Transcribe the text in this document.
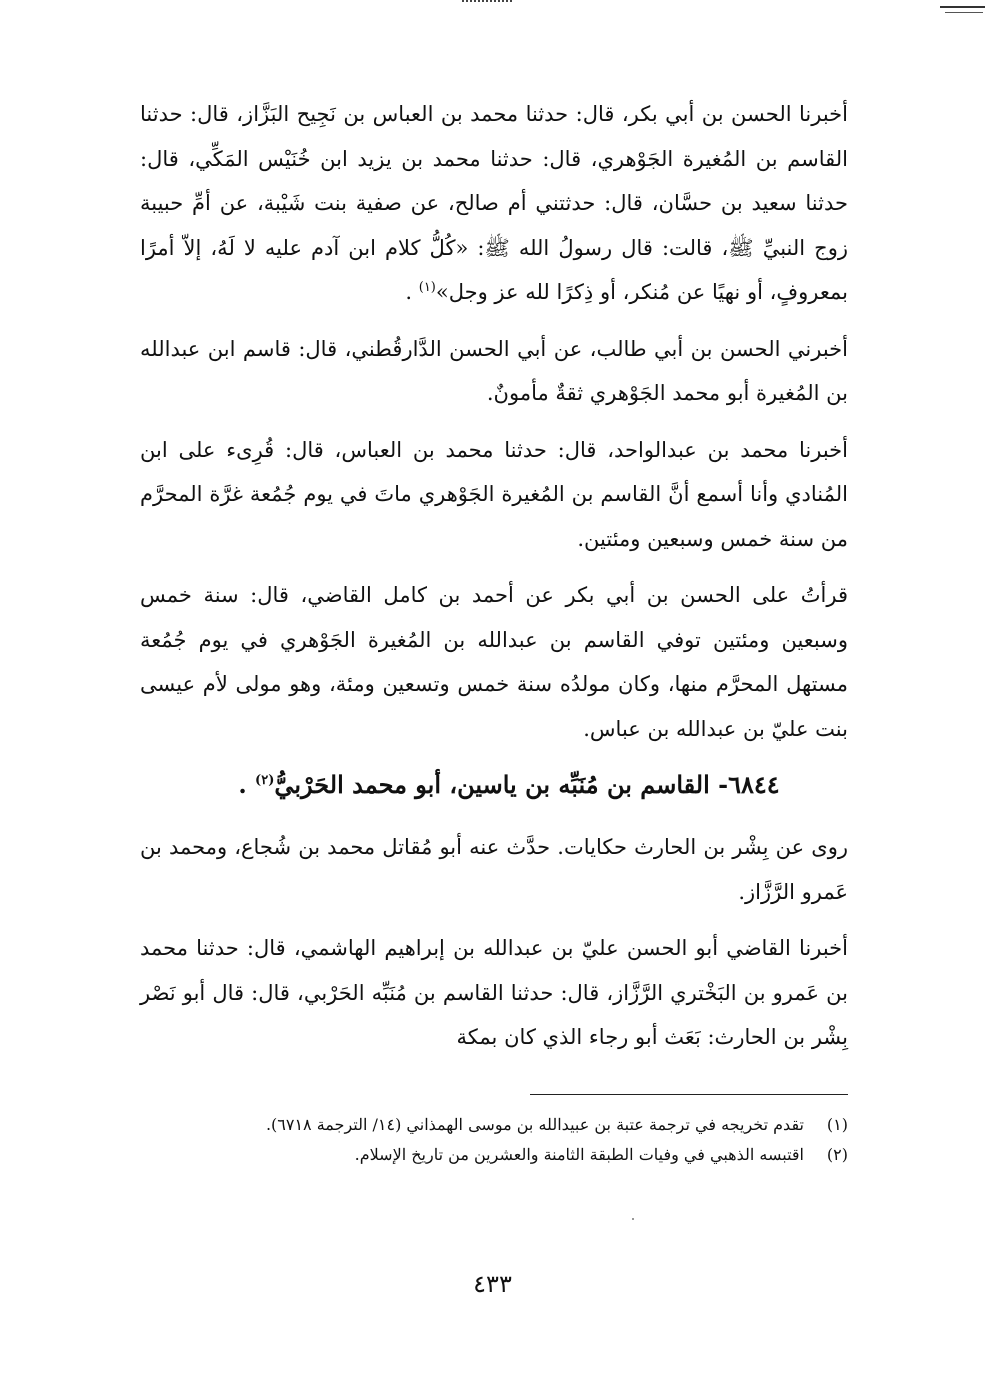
أخبرنا الحسن بن أبي بكر، قال: حدثنا محمد بن العباس بن نَجِيح البَزَّاز، قال: حدثنا القاسم بن المُغيرة الجَوْهري، قال: حدثنا محمد بن يزيد ابن خُنَيْس المَكِّي، قال: حدثنا سعيد بن حسَّان، قال: حدثتني أم صالح، عن صفية بنت شَيْبة، عن أمِّ حبيبة زوج النبيِّ ﷺ، قالت: قال رسولُ الله ﷺ: «كُلُّ كلام ابن آدم عليه لا لَهُ، إلاّ أمرًا بمعروفٍ، أو نهيًا عن مُنكر، أو ذِكرًا لله عز وجل»$^{(١)}$ .

أخبرني الحسن بن أبي طالب، عن أبي الحسن الدَّارقُطني، قال: قاسم ابن عبدالله بن المُغيرة أبو محمد الجَوْهري ثقةٌ مأمونٌ.

أخبرنا محمد بن عبدالواحد، قال: حدثنا محمد بن العباس، قال: قُرِىء على ابن المُنادي وأنا أسمع أنَّ القاسم بن المُغيرة الجَوْهري ماتَ في يوم جُمُعة غرَّة المحرَّم من سنة خمس وسبعين ومئتين.

قرأتُ على الحسن بن أبي بكر عن أحمد بن كامل القاضي، قال: سنة خمس وسبعين ومئتين توفي القاسم بن عبدالله بن المُغيرة الجَوْهري في يوم جُمُعة مستهل المحرَّم منها، وكان مولدُه سنة خمس وتسعين ومئة، وهو مولى لأم عيسى بنت عليّ بن عبدالله بن عباس.

٦٨٤٤- القاسم بن مُنَبِّه بن ياسين، أبو محمد الحَرْبيُّ$^{(٢)}$ .

روى عن بِشْر بن الحارث حكايات. حدَّث عنه أبو مُقاتل محمد بن شُجاع، ومحمد بن عَمرو الرَّزَّاز.

أخبرنا القاضي أبو الحسن عليّ بن عبدالله بن إبراهيم الهاشمي، قال: حدثنا محمد بن عَمرو بن البَخْتري الرَّزَّاز، قال: حدثنا القاسم بن مُنَبِّه الحَرْبي، قال: قال أبو نَصْر بِشْر بن الحارث: بَعَث أبو رجاء الذي كان بمكة

(١)تقدم تخريجه في ترجمة عتبة بن عبيدالله بن موسى الهمذاني (١٤/ الترجمة ٦٧١٨).

(٢)اقتبسه الذهبي في وفيات الطبقة الثامنة والعشرين من تاريخ الإسلام.

٤٣٣
